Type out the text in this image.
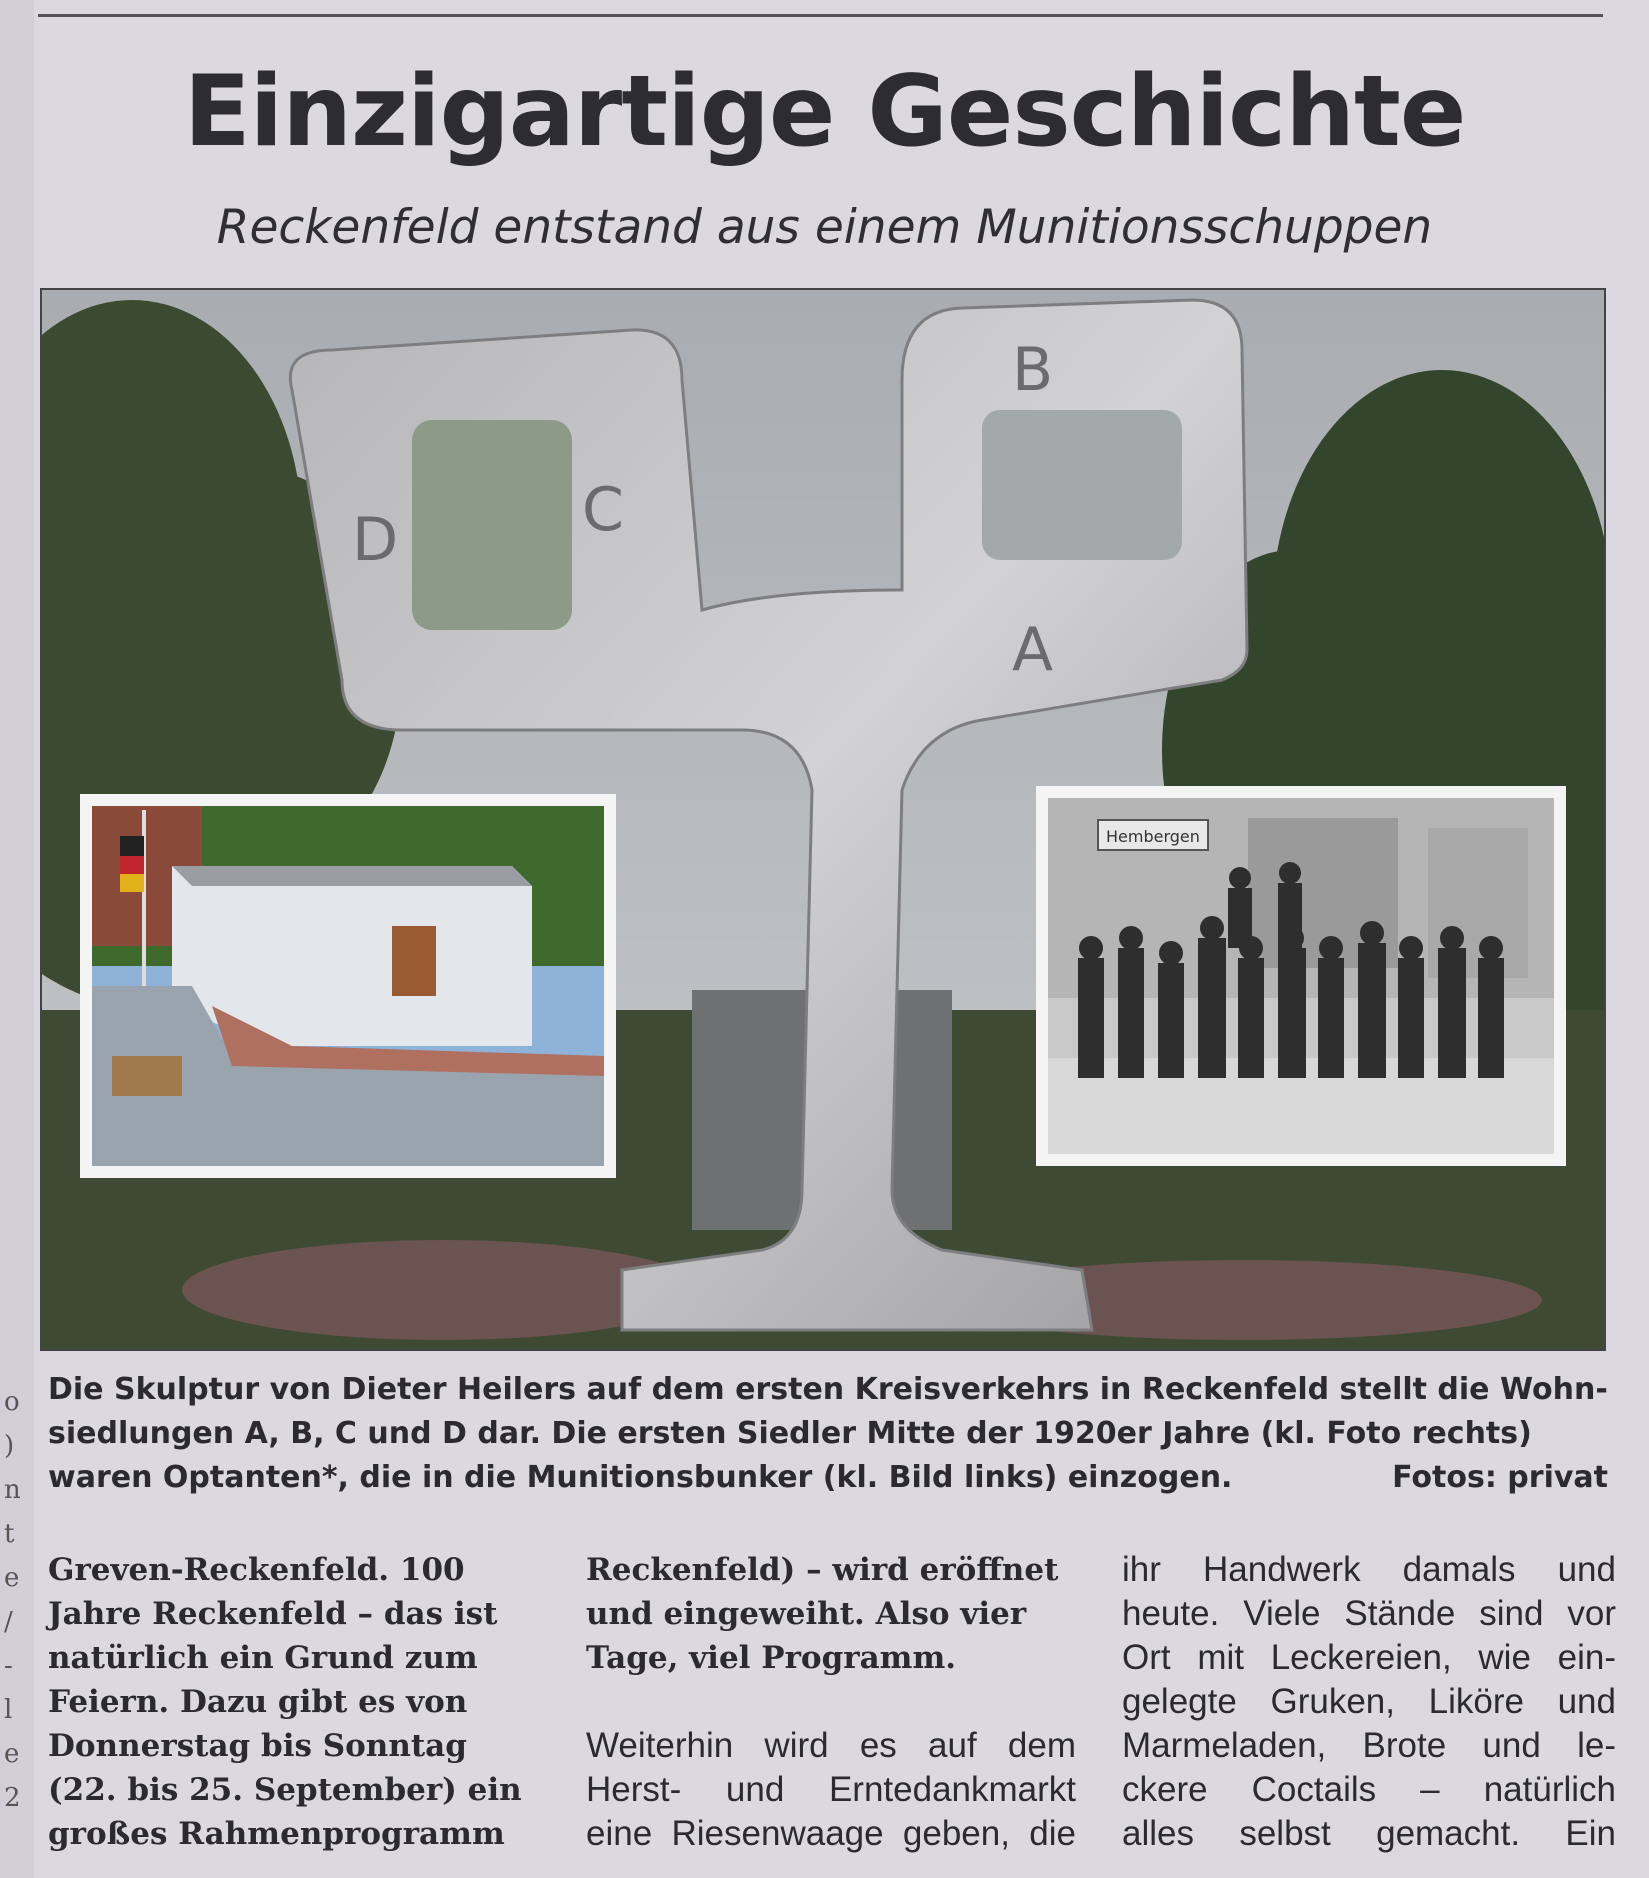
o
)
n
t
e
/
-
l
e
2
Einzigartige Geschichte
Reckenfeld entstand aus einem Munitionsschuppen
D	C
B
A
Hembergen
Die Skulptur von Dieter Heilers auf dem ersten Kreisverkehrs in Reckenfeld stellt die Wohn-
siedlungen A, B, C und D dar. Die ersten Siedler Mitte der 1920er Jahre (kl. Foto rechts)
waren Optanten*, die in die Munitionsbunker (kl. Bild links) einzogen.	Fotos: privat
Greven-Reckenfeld. 100
Jahre Reckenfeld – das ist
natürlich ein Grund zum
Feiern. Dazu gibt es von
Donnerstag bis Sonntag
(22. bis 25. September) ein
großes Rahmenprogramm
Reckenfeld) – wird eröffnet
und eingeweiht. Also vier
Tage, viel Programm.
Weiterhin wird es auf dem
Herst- und Erntedankmarkt
eine Riesenwaage geben, die
ihr Handwerk damals und
heute. Viele Stände sind vor
Ort mit Leckereien, wie ein-
gelegte Gruken, Liköre und
Marmeladen, Brote und le-
ckere Coctails – natürlich
alles selbst gemacht. Ein
